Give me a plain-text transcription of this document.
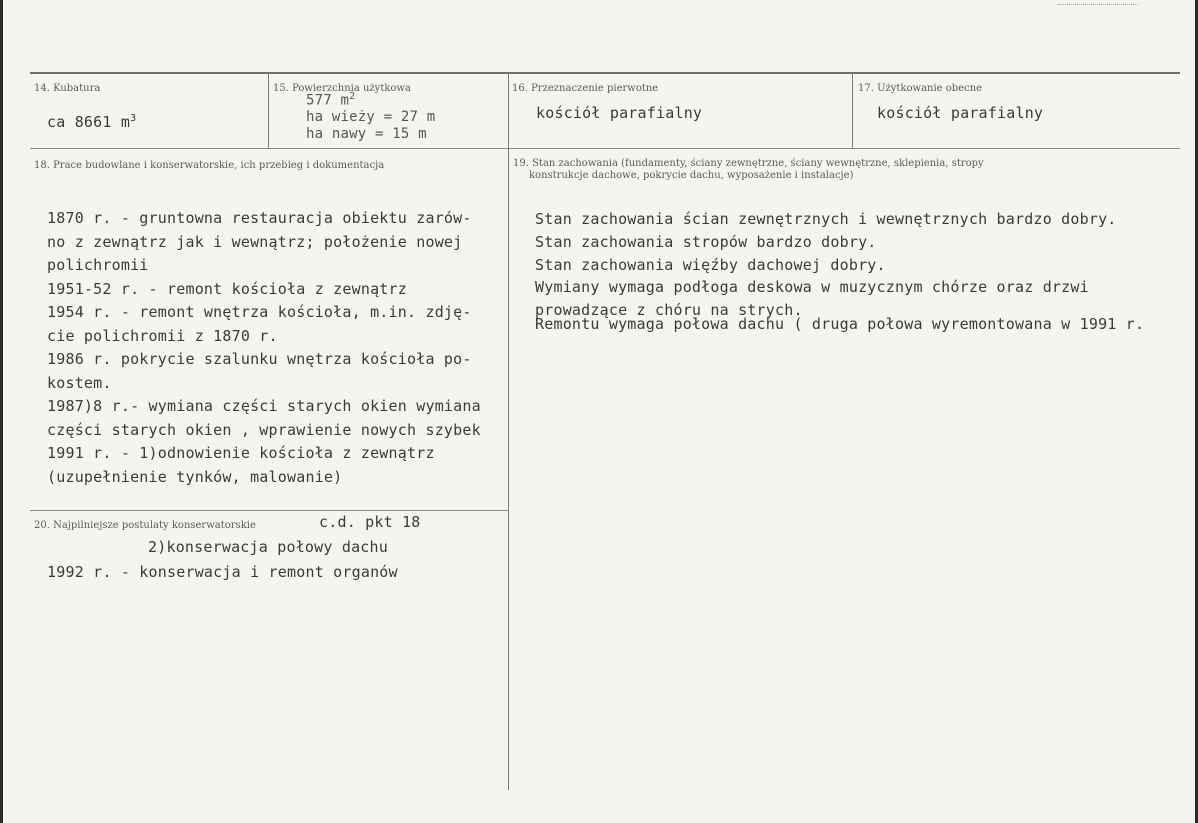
14. Kubatura
ca 8661 $m^3$
15. Powierzchnia użytkowa
577 $m^2$
ha wieży = 27 m
ha nawy = 15 m
16. Przeznaczenie pierwotne
kościół parafialny
17. Użytkowanie obecne
kościół parafialny
18. Prace budowlane i konserwatorskie, ich przebieg i dokumentacja
1870 r. - gruntowna restauracja obiektu zarów-
no z zewnątrz jak i wewnątrz; położenie nowej
polichromii
1951-52 r. - remont kościoła z zewnątrz
1954 r. - remont wnętrza kościoła, m.in. zdję-
cie polichromii z 1870 r.
1986 r. pokrycie szalunku wnętrza kościoła po-
kostem.
1987)8 r.- wymiana części starych okien wymiana
części starych okien , wprawienie nowych szybek
1991 r. - 1)odnowienie kościoła z zewnątrz
(uzupełnienie tynków, malowanie)
19. Stan zachowania (fundamenty, ściany zewnętrzne, ściany wewnętrzne, sklepienia, stropy
konstrukcje dachowe, pokrycie dachu, wyposażenie i instalacje)
Stan zachowania ścian zewnętrznych i wewnętrznych bardzo dobry.
Stan zachowania stropów bardzo dobry.
Stan zachowania więźby dachowej dobry.
Wymiany wymaga podłoga deskowa w muzycznym chórze oraz drzwi
prowadzące z chóru na strych.
Remontu wymaga połowa dachu ( druga połowa wyremontowana w 1991 r.
20. Najpilniejsze postulaty konserwatorskie	c.d. pkt 18
2)konserwacja połowy dachu
1992 r. - konserwacja i remont organów
